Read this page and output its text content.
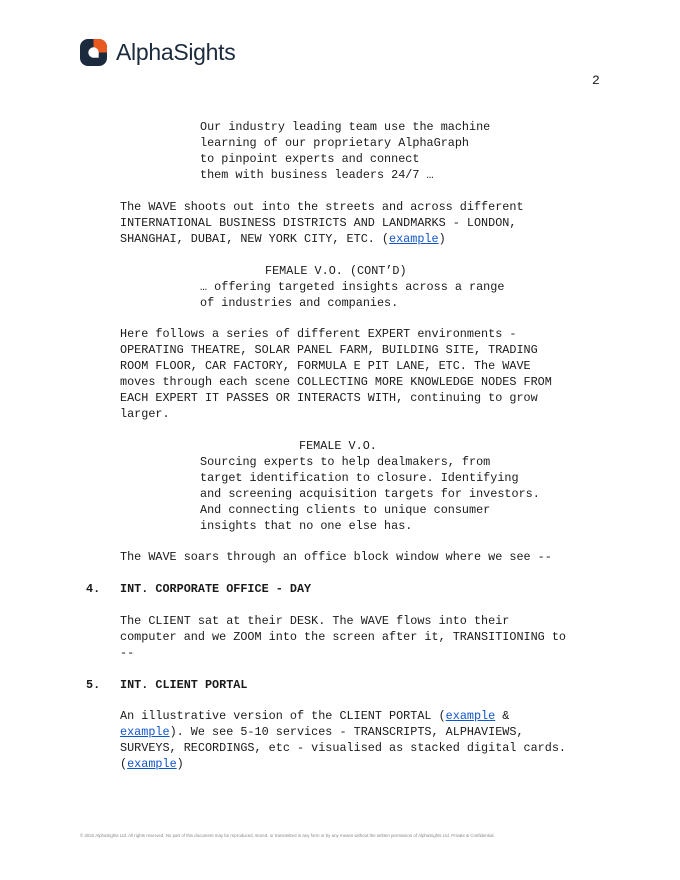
AlphaSights
2
Our industry leading team use the machine
learning of our proprietary AlphaGraph
to pinpoint experts and connect
them with business leaders 24/7 …
The WAVE shoots out into the streets and across different
INTERNATIONAL BUSINESS DISTRICTS AND LANDMARKS - LONDON,
SHANGHAI, DUBAI, NEW YORK CITY, ETC. (example)
FEMALE V.O. (CONT’D)
… offering targeted insights across a range
of industries and companies.
Here follows a series of different EXPERT environments -
OPERATING THEATRE, SOLAR PANEL FARM, BUILDING SITE, TRADING
ROOM FLOOR, CAR FACTORY, FORMULA E PIT LANE, ETC. The WAVE
moves through each scene COLLECTING MORE KNOWLEDGE NODES FROM
EACH EXPERT IT PASSES OR INTERACTS WITH, continuing to grow
larger.
FEMALE V.O.
Sourcing experts to help dealmakers, from
target identification to closure. Identifying
and screening acquisition targets for investors.
And connecting clients to unique consumer
insights that no one else has.
The WAVE soars through an office block window where we see --
4. INT. CORPORATE OFFICE - DAY
The CLIENT sat at their DESK. The WAVE flows into their
computer and we ZOOM into the screen after it, TRANSITIONING to
--
5. INT. CLIENT PORTAL
An illustrative version of the CLIENT PORTAL (example &
example). We see 5-10 services - TRANSCRIPTS, ALPHAVIEWS,
SURVEYS, RECORDINGS, etc - visualised as stacked digital cards.
(example)
© 2022 AlphaSights Ltd. All rights reserved. No part of this document may be reproduced, stored, or transmitted in any form or by any means without the written permission of AlphaSights Ltd. Private & Confidential.
